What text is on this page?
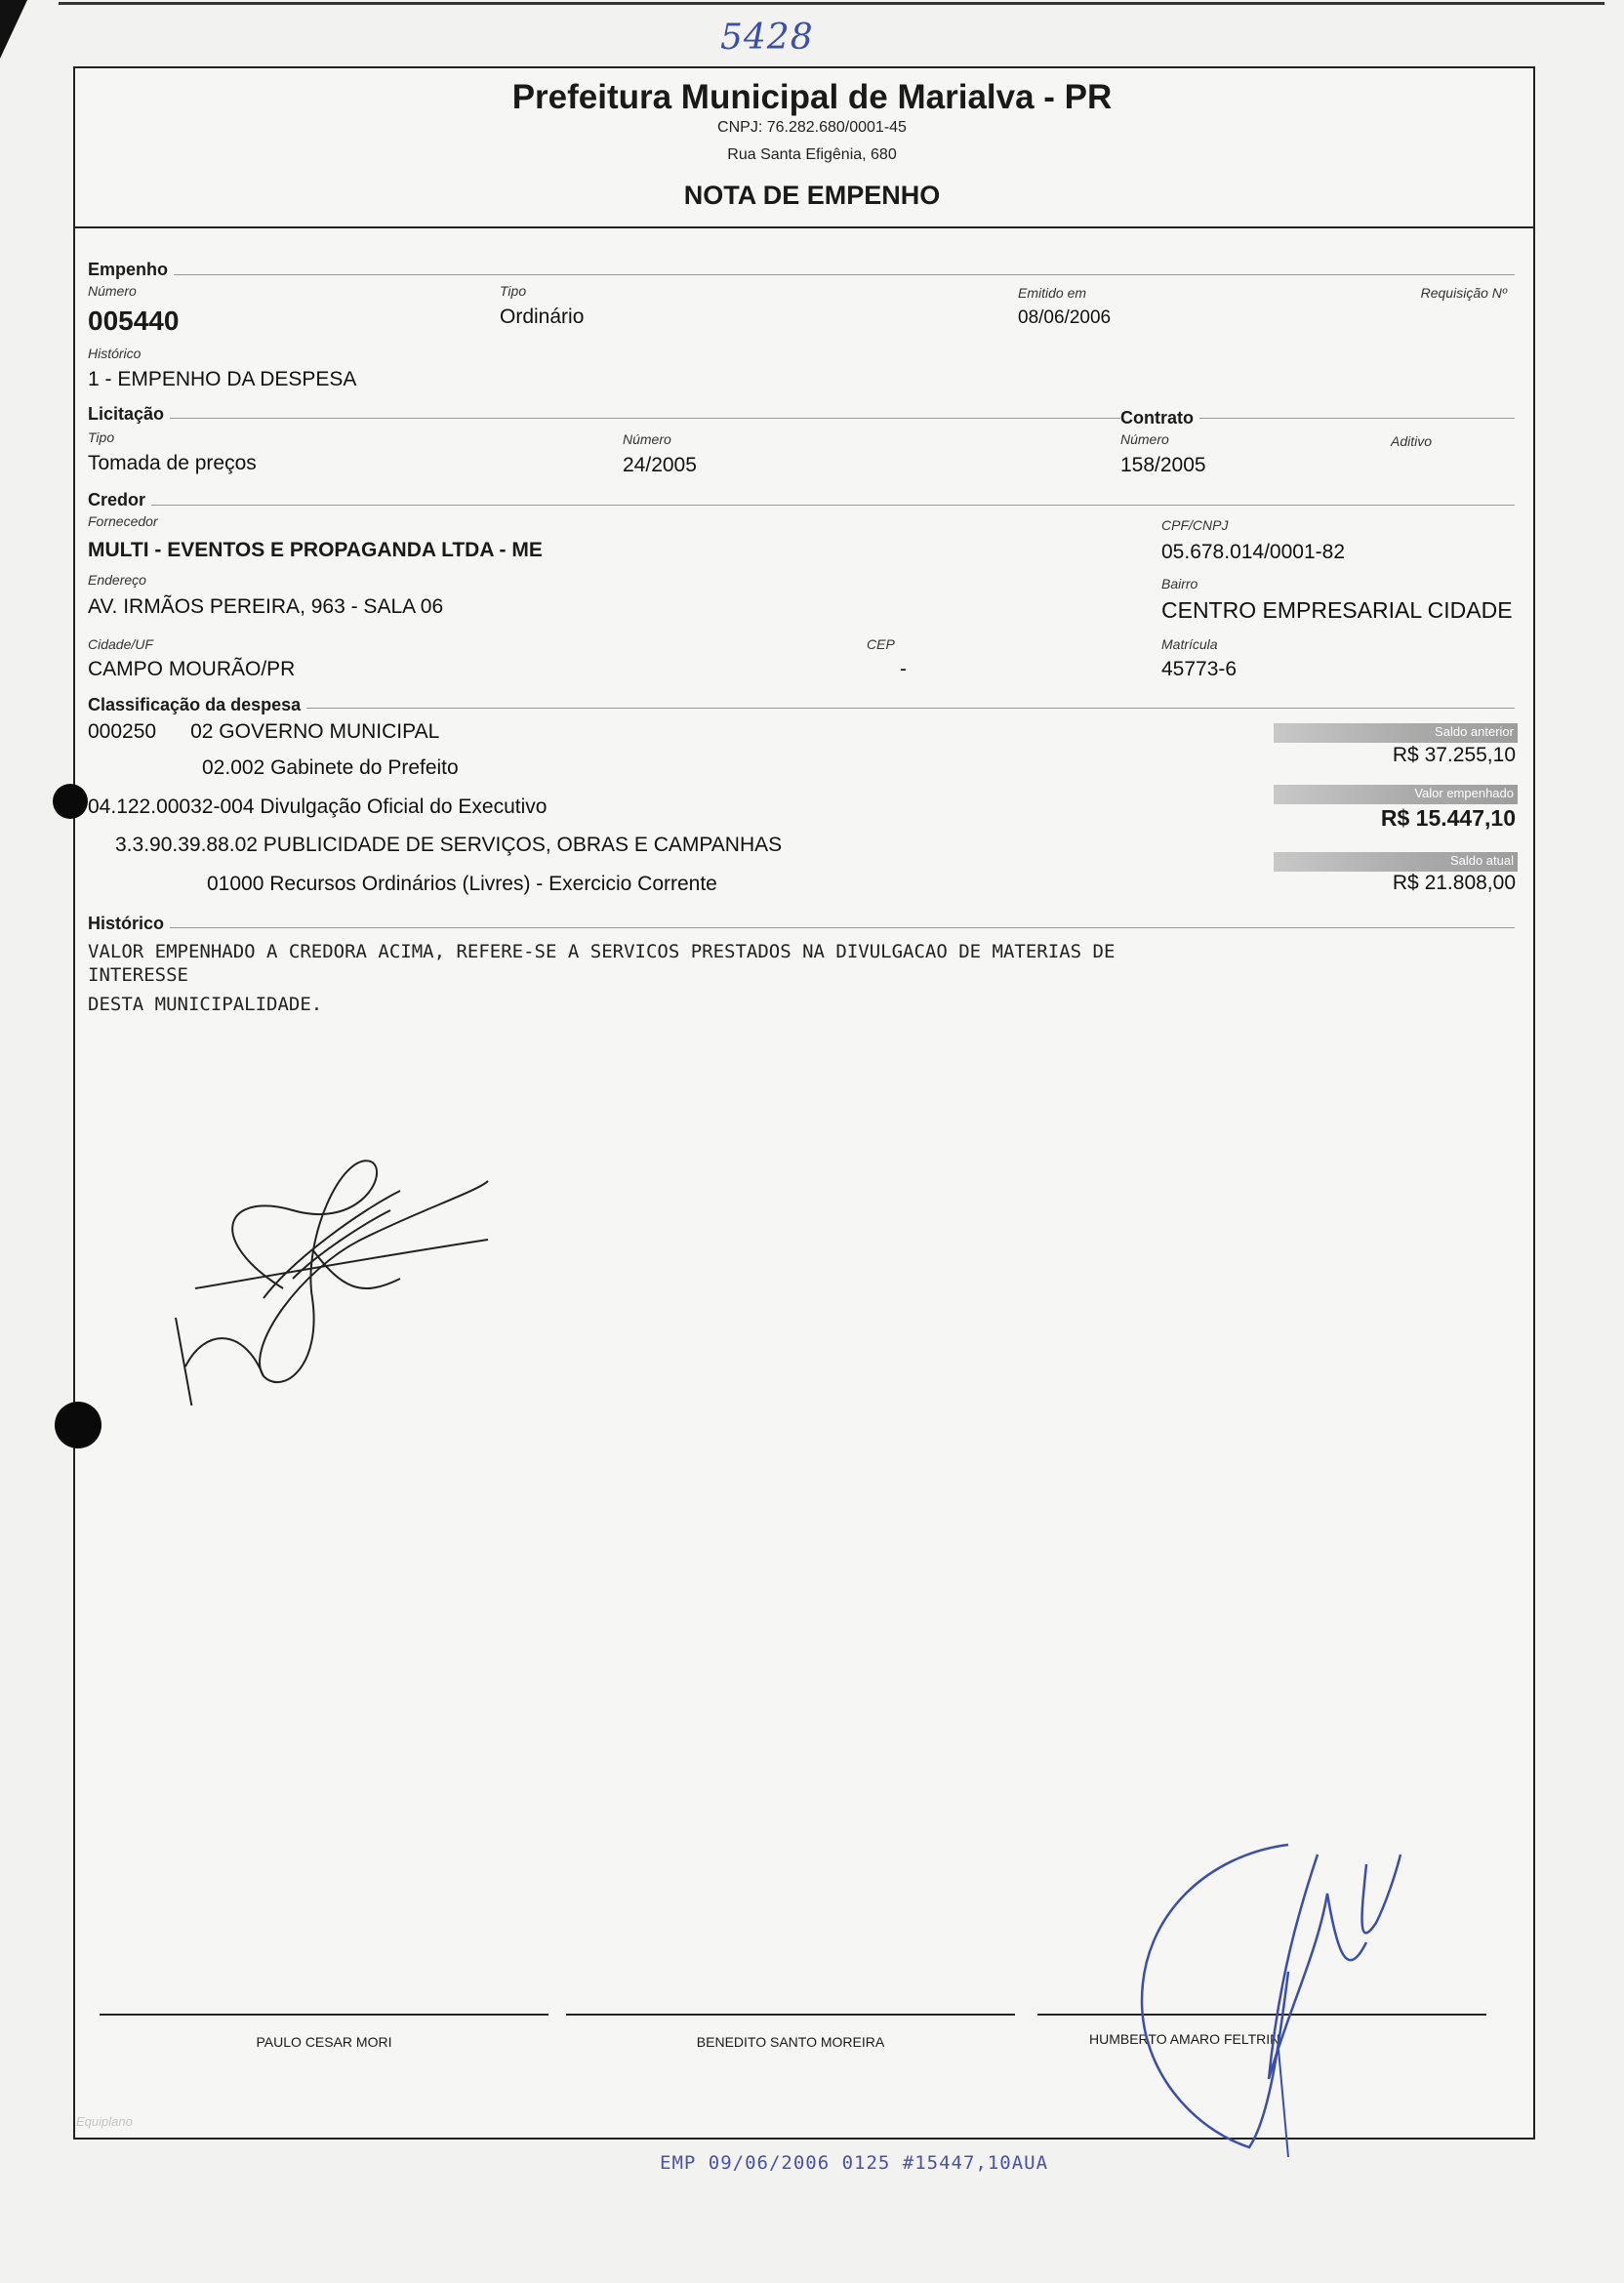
5428
Prefeitura Municipal de Marialva - PR
CNPJ: 76.282.680/0001-45
Rua Santa Efigênia, 680
NOTA DE EMPENHO
Empenho
Número
005440
Tipo
Ordinário
Emitido em
08/06/2006
Requisição Nº
Histórico
1 - EMPENHO DA DESPESA
Licitação
Tipo
Tomada de preços
Número
24/2005
Contrato
Número
158/2005
Aditivo
Credor
Fornecedor
MULTI - EVENTOS E PROPAGANDA LTDA - ME
CPF/CNPJ
05.678.014/0001-82
Endereço
AV. IRMÃOS PEREIRA, 963 - SALA 06
Bairro
CENTRO EMPRESARIAL CIDADE
Cidade/UF
CAMPO MOURÃO/PR
CEP
-
Matrícula
45773-6
Classificação da despesa
000250      02 GOVERNO MUNICIPAL
02.002 Gabinete do Prefeito
04.122.00032-004 Divulgação Oficial do Executivo
3.3.90.39.88.02 PUBLICIDADE DE SERVIÇOS, OBRAS E CAMPANHAS
01000 Recursos Ordinários (Livres) - Exercicio Corrente
Saldo anterior
R$ 37.255,10
Valor empenhado
R$ 15.447,10
Saldo atual
R$ 21.808,00
Histórico
VALOR EMPENHADO A CREDORA ACIMA, REFERE-SE A SERVICOS PRESTADOS NA DIVULGACAO DE MATERIAS DE
INTERESSE
DESTA MUNICIPALIDADE.
PAULO CESAR MORI	BENEDITO SANTO MOREIRA	HUMBERTO AMARO FELTRIN
Equiplano
EMP 09/06/2006 0125 #15447,10AUA
